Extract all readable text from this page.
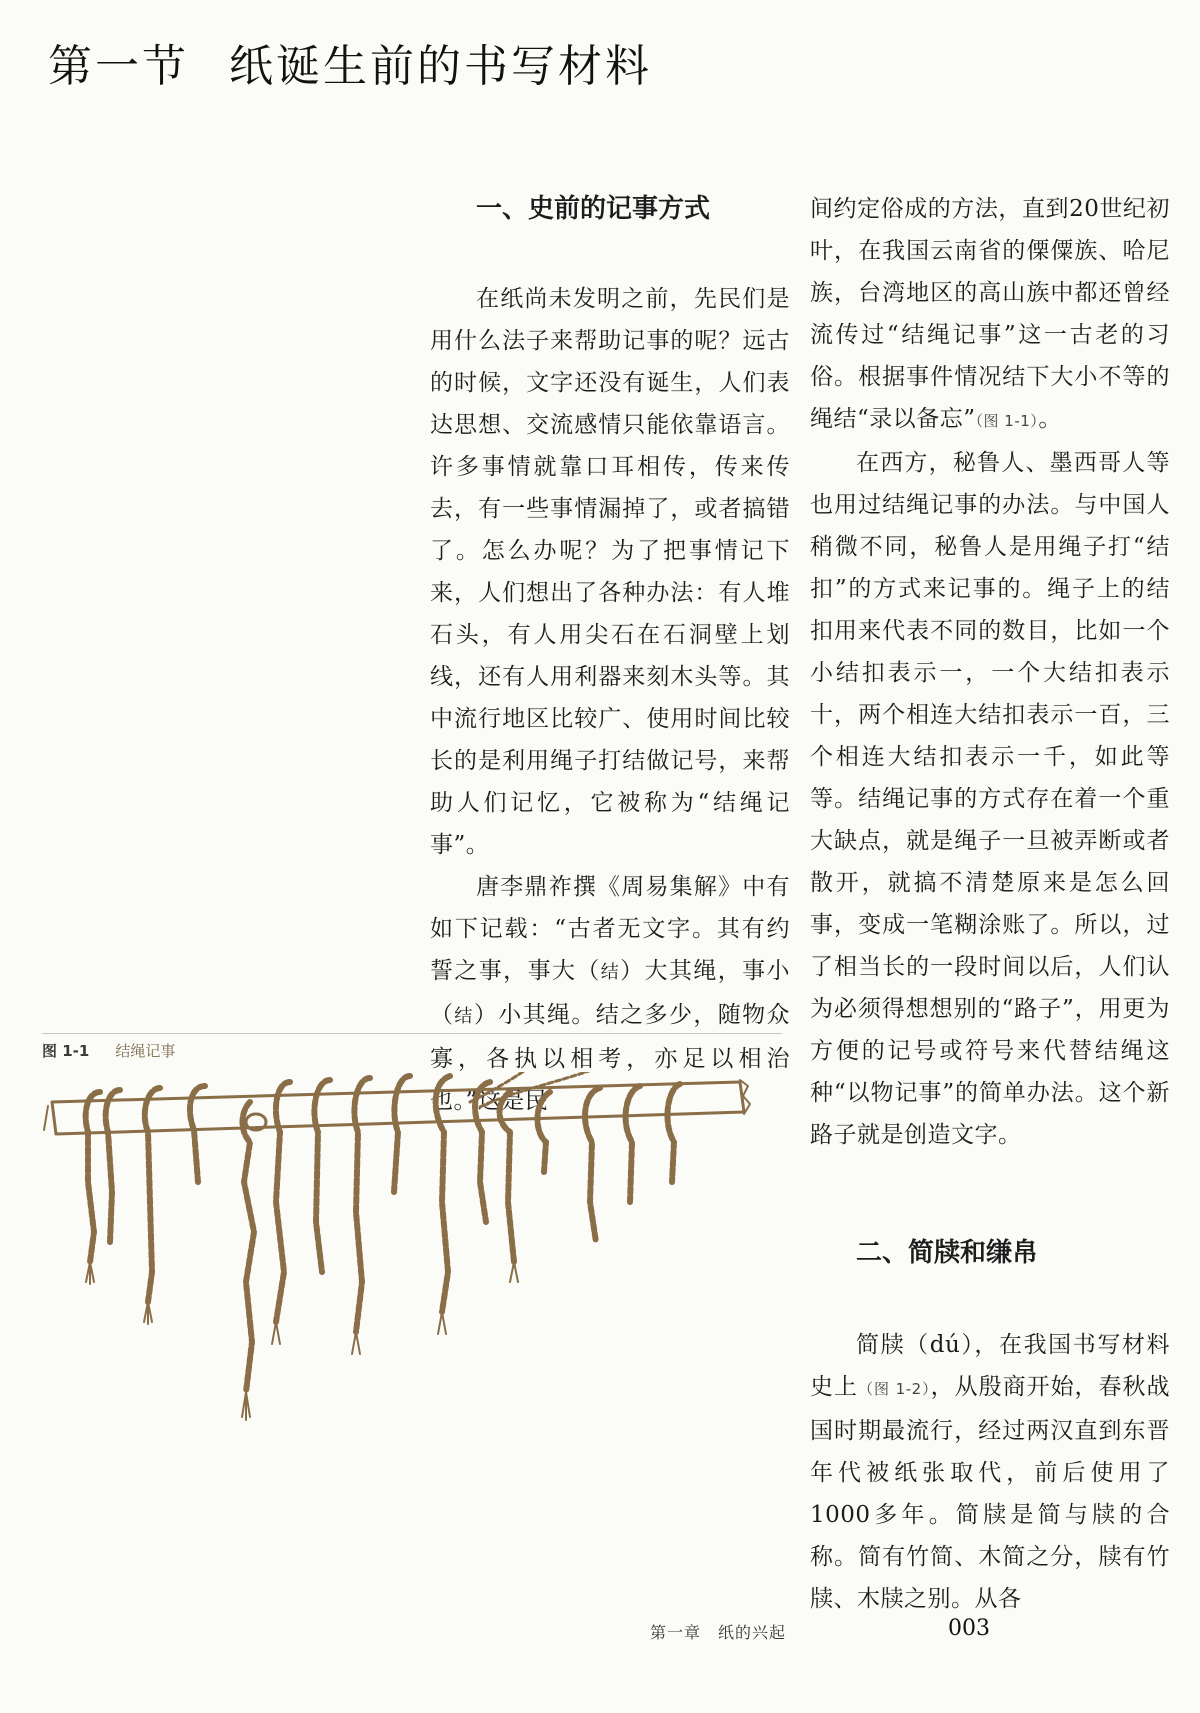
第一节 纸诞生前的书写材料
一、史前的记事方式

在纸尚未发明之前，先民们是用什么法子来帮助记事的呢？远古的时候，文字还没有诞生，人们表达思想、交流感情只能依靠语言。许多事情就靠口耳相传，传来传去，有一些事情漏掉了，或者搞错了。怎么办呢？为了把事情记下来，人们想出了各种办法：有人堆石头，有人用尖石在石洞壁上划线，还有人用利器来刻木头等。其中流行地区比较广、使用时间比较长的是利用绳子打结做记号，来帮助人们记忆，它被称为“结绳记事”。

唐李鼎祚撰《周易集解》中有如下记载：“古者无文字。其有约誓之事，事大（结）大其绳，事小（结）小其绳。结之多少，随物众寡，各执以相考，亦足以相治也。”这是民

间约定俗成的方法，直到20世纪初叶，在我国云南省的傈僳族、哈尼族，台湾地区的高山族中都还曾经流传过“结绳记事”这一古老的习俗。根据事件情况结下大小不等的绳结“录以备忘”（图 1-1）。

在西方，秘鲁人、墨西哥人等也用过结绳记事的办法。与中国人稍微不同，秘鲁人是用绳子打“结扣”的方式来记事的。绳子上的结扣用来代表不同的数目，比如一个小结扣表示一，一个大结扣表示十，两个相连大结扣表示一百，三个相连大结扣表示一千，如此等等。结绳记事的方式存在着一个重大缺点，就是绳子一旦被弄断或者散开，就搞不清楚原来是怎么回事，变成一笔糊涂账了。所以，过了相当长的一段时间以后，人们认为必须得想想别的“路子”，用更为方便的记号或符号来代替结绳这种“以物记事”的简单办法。这个新路子就是创造文字。

二、简牍和缣帛

简牍（dú），在我国书写材料史上（图 1-2），从殷商开始，春秋战国时期最流行，经过两汉直到东晋年代被纸张取代，前后使用了1000多年。简牍是简与牍的合称。简有竹简、木简之分，牍有竹牍、木牍之别。从各

图 1-1 结绳记事
第一章　纸的兴起	003
